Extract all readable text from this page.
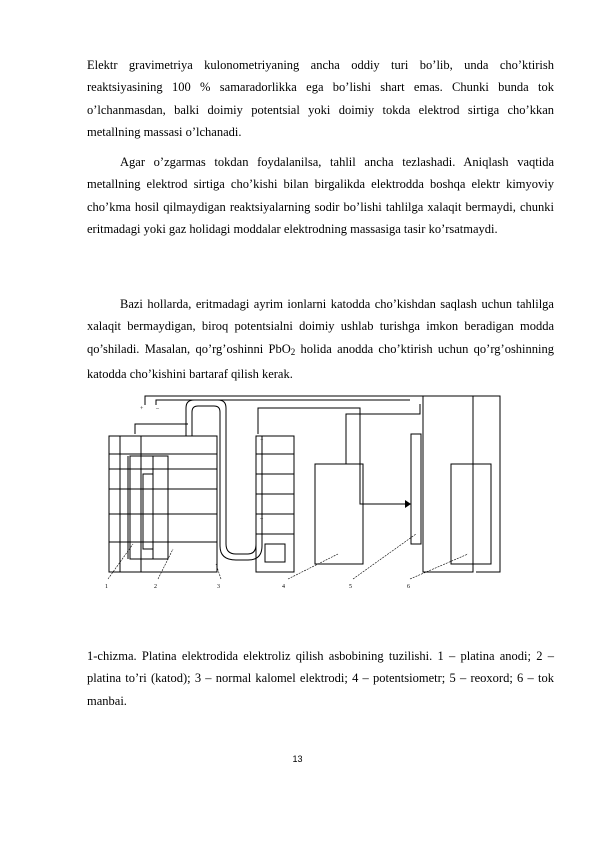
Elektr gravimetriya kulonometriyaning ancha oddiy turi bo’lib, unda cho’ktirish reaktsiyasining 100 % samaradorlikka ega bo’lishi shart emas. Chunki bunda tok o’lchanmasdan, balki doimiy potentsial yoki doimiy tokda elektrod sirtiga cho’kkan metallning massasi o’lchanadi.
Agar o’zgarmas tokdan foydalanilsa, tahlil ancha tezlashadi. Aniqlash vaqtida metallning elektrod sirtiga cho’kishi bilan birgalikda elektrodda boshqa elektr kimyoviy cho’kma hosil qilmaydigan reaktsiyalarning sodir bo’lishi tahlilga xalaqit bermaydi, chunki eritmadagi yoki gaz holidagi moddalar elektrodning massasiga tasir ko’rsatmaydi.
Bazi hollarda, eritmadagi ayrim ionlarni katodda cho’kishdan saqlash uchun tahlilga xalaqit bermaydigan, biroq potentsialni doimiy ushlab turishga imkon beradigan modda qo’shiladi. Masalan, qo’rg’oshinni PbO$_2$ holida anodda cho’ktirish uchun qo’rg’oshinning katodda cho’kishini bartaraf qilish kerak.
1	2	3	4	5	6
+ –
+
–
1-chizma. Platina elektrodida elektroliz qilish asbobining tuzilishi. 1 – platina anodi; 2 – platina to’ri (katod); 3 – normal kalomel elektrodi; 4 – potentsiometr; 5 – reoxord; 6 – tok manbai.
13
